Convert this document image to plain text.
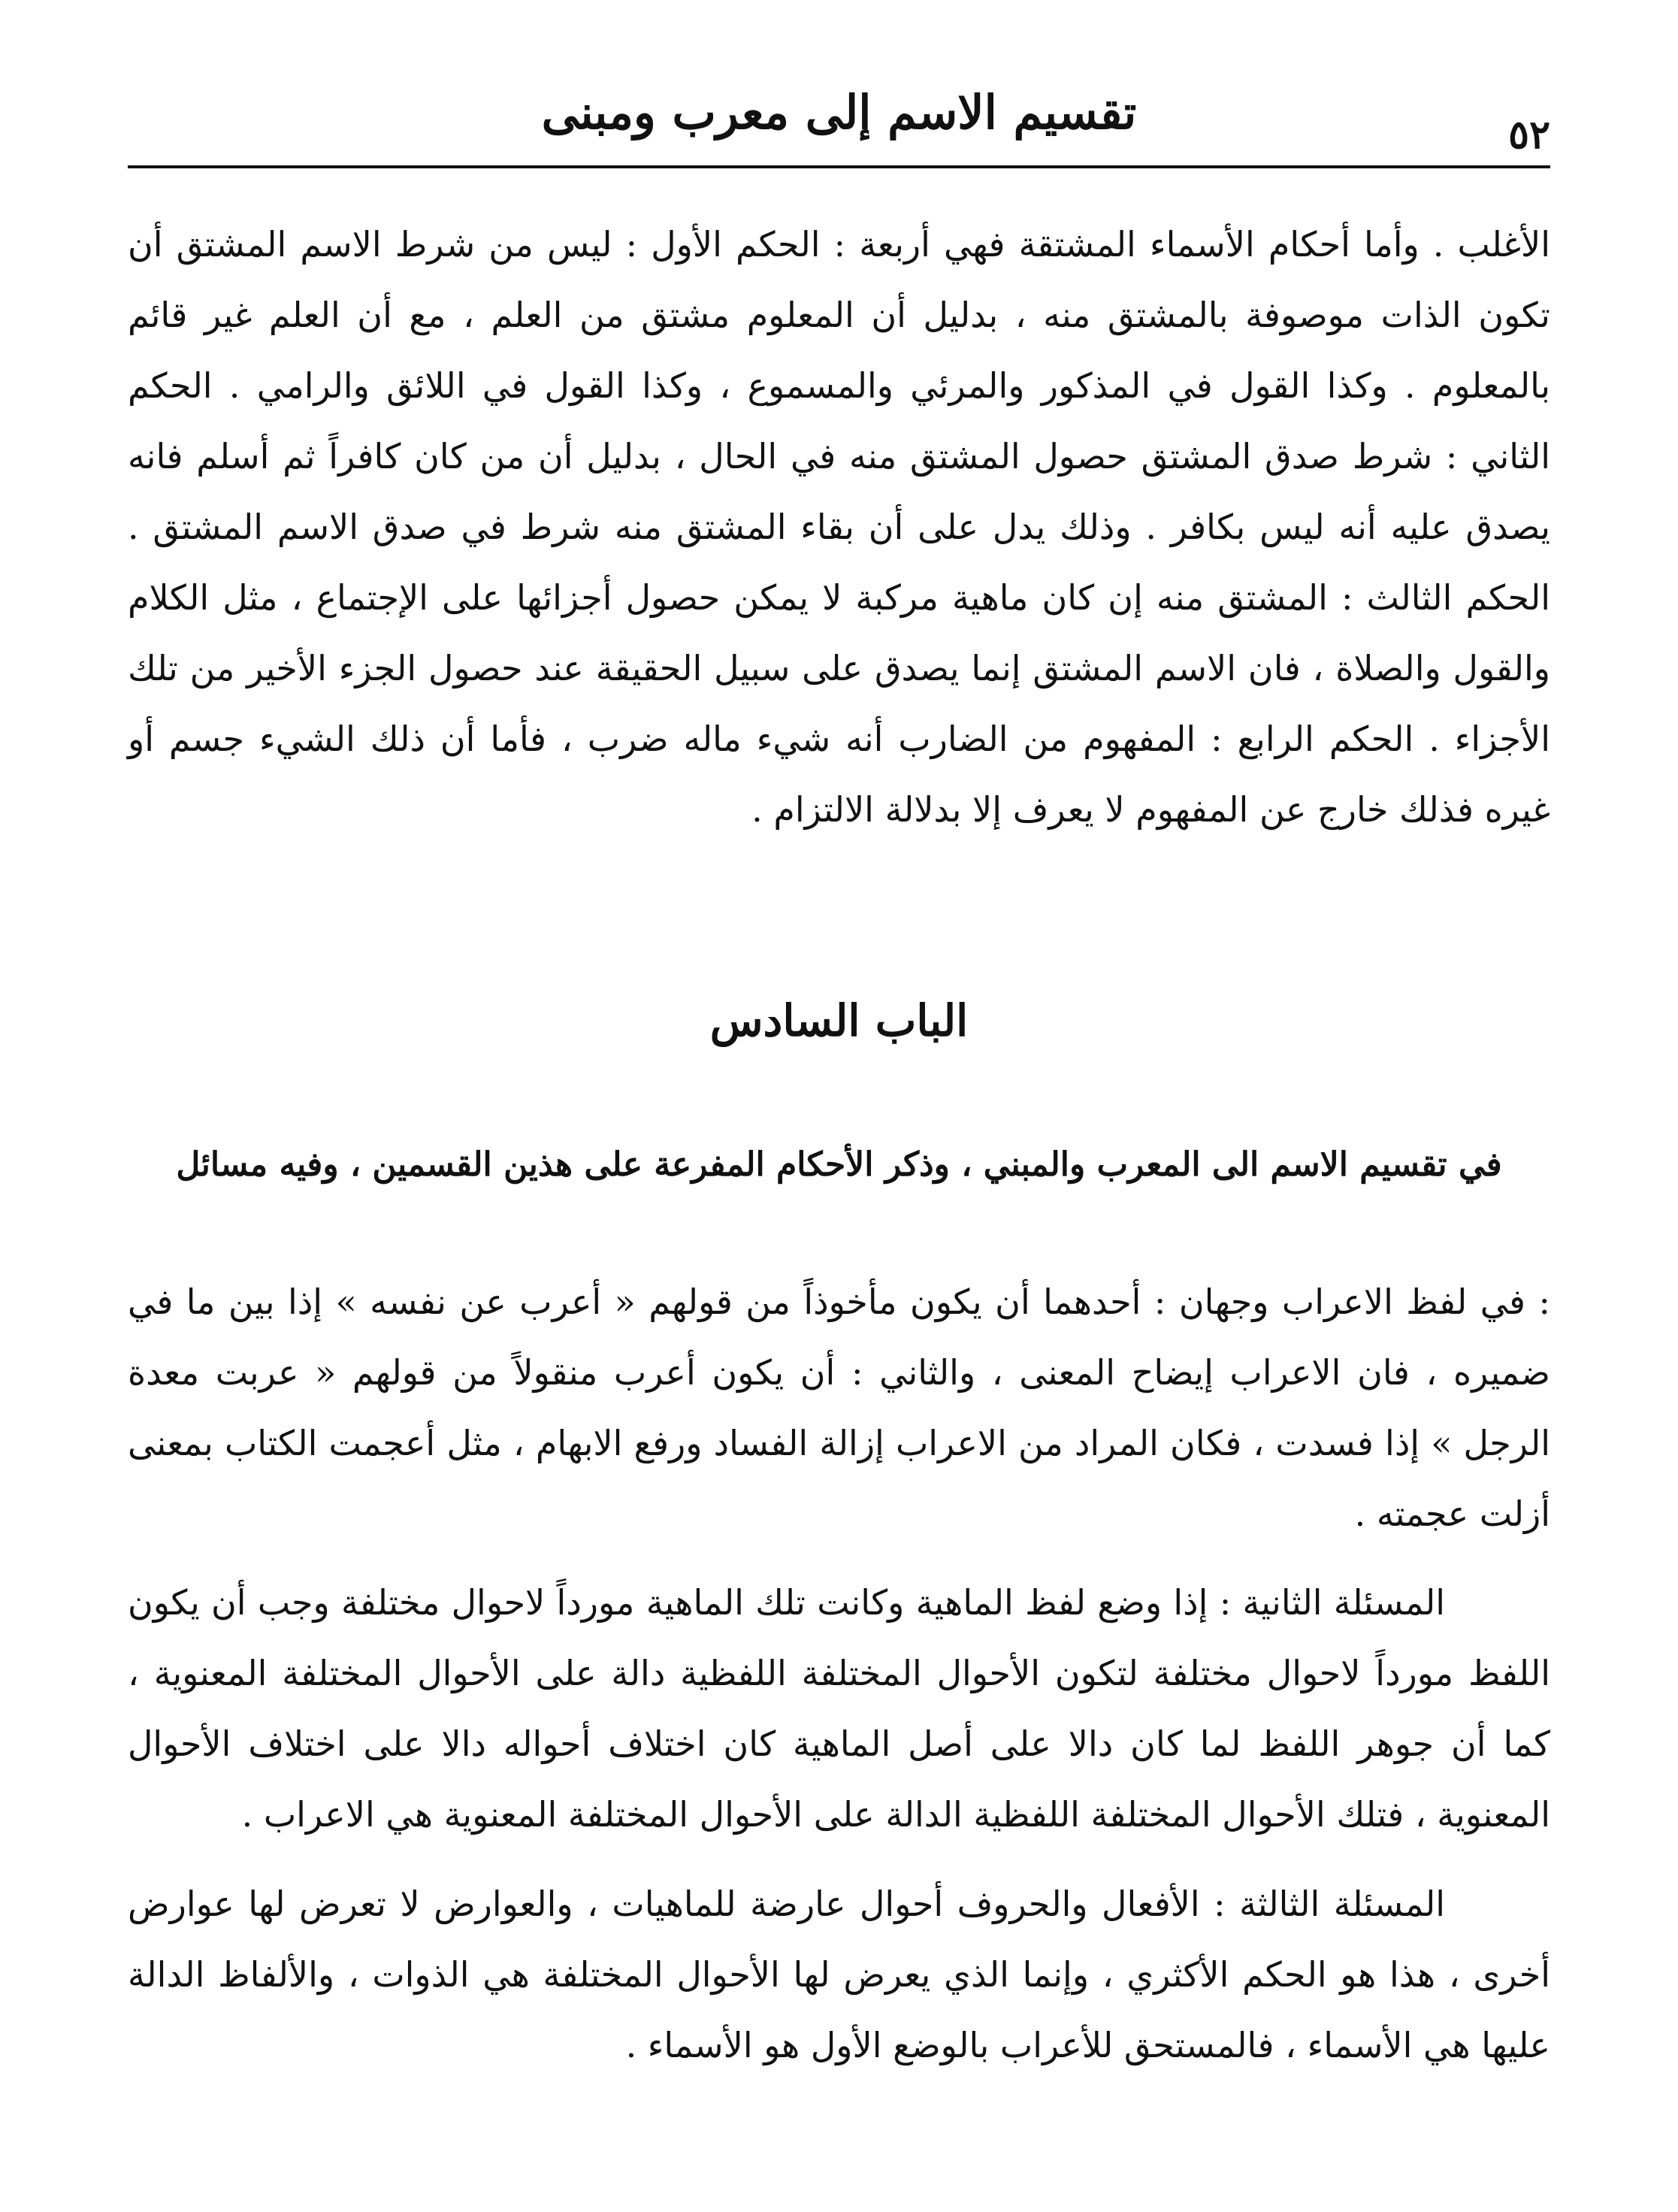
تقسيم الاسم إلى معرب ومبنى	٥٢

الأغلب . وأما أحكام الأسماء المشتقة فهي أربعة : الحكم الأول : ليس من شرط الاسم المشتق أن تكون الذات موصوفة بالمشتق منه ، بدليل أن المعلوم مشتق من العلم ، مع أن العلم غير قائم بالمعلوم . وكذا القول في المذكور والمرئي والمسموع ، وكذا القول في اللائق والرامي . الحكم الثاني : شرط صدق المشتق حصول المشتق منه في الحال ، بدليل أن من كان كافراً ثم أسلم فانه يصدق عليه أنه ليس بكافر . وذلك يدل على أن بقاء المشتق منه شرط في صدق الاسم المشتق . الحكم الثالث : المشتق منه إن كان ماهية مركبة لا يمكن حصول أجزائها على الإجتماع ، مثل الكلام والقول والصلاة ، فان الاسم المشتق إنما يصدق على سبيل الحقيقة عند حصول الجزء الأخير من تلك الأجزاء . الحكم الرابع : المفهوم من الضارب أنه شيء ماله ضرب ، فأما أن ذلك الشيء جسم أو غيره فذلك خارج عن المفهوم لا يعرف إلا بدلالة الالتزام .

الباب السادس
في تقسيم الاسم الى المعرب والمبني ، وذكر الأحكام المفرعة على هذين القسمين ، وفيه مسائل

: في لفظ الاعراب وجهان : أحدهما أن يكون مأخوذاً من قولهم « أعرب عن نفسه » إذا بين ما في ضميره ، فان الاعراب إيضاح المعنى ، والثاني : أن يكون أعرب منقولاً من قولهم « عربت معدة الرجل » إذا فسدت ، فكان المراد من الاعراب إزالة الفساد ورفع الابهام ، مثل أعجمت الكتاب بمعنى أزلت عجمته .

المسئلة الثانية : إذا وضع لفظ الماهية وكانت تلك الماهية مورداً لاحوال مختلفة وجب أن يكون اللفظ مورداً لاحوال مختلفة لتكون الأحوال المختلفة اللفظية دالة على الأحوال المختلفة المعنوية ، كما أن جوهر اللفظ لما كان دالا على أصل الماهية كان اختلاف أحواله دالا على اختلاف الأحوال المعنوية ، فتلك الأحوال المختلفة اللفظية الدالة على الأحوال المختلفة المعنوية هي الاعراب .

المسئلة الثالثة : الأفعال والحروف أحوال عارضة للماهيات ، والعوارض لا تعرض لها عوارض أخرى ، هذا هو الحكم الأكثري ، وإنما الذي يعرض لها الأحوال المختلفة هي الذوات ، والألفاظ الدالة عليها هي الأسماء ، فالمستحق للأعراب بالوضع الأول هو الأسماء .
